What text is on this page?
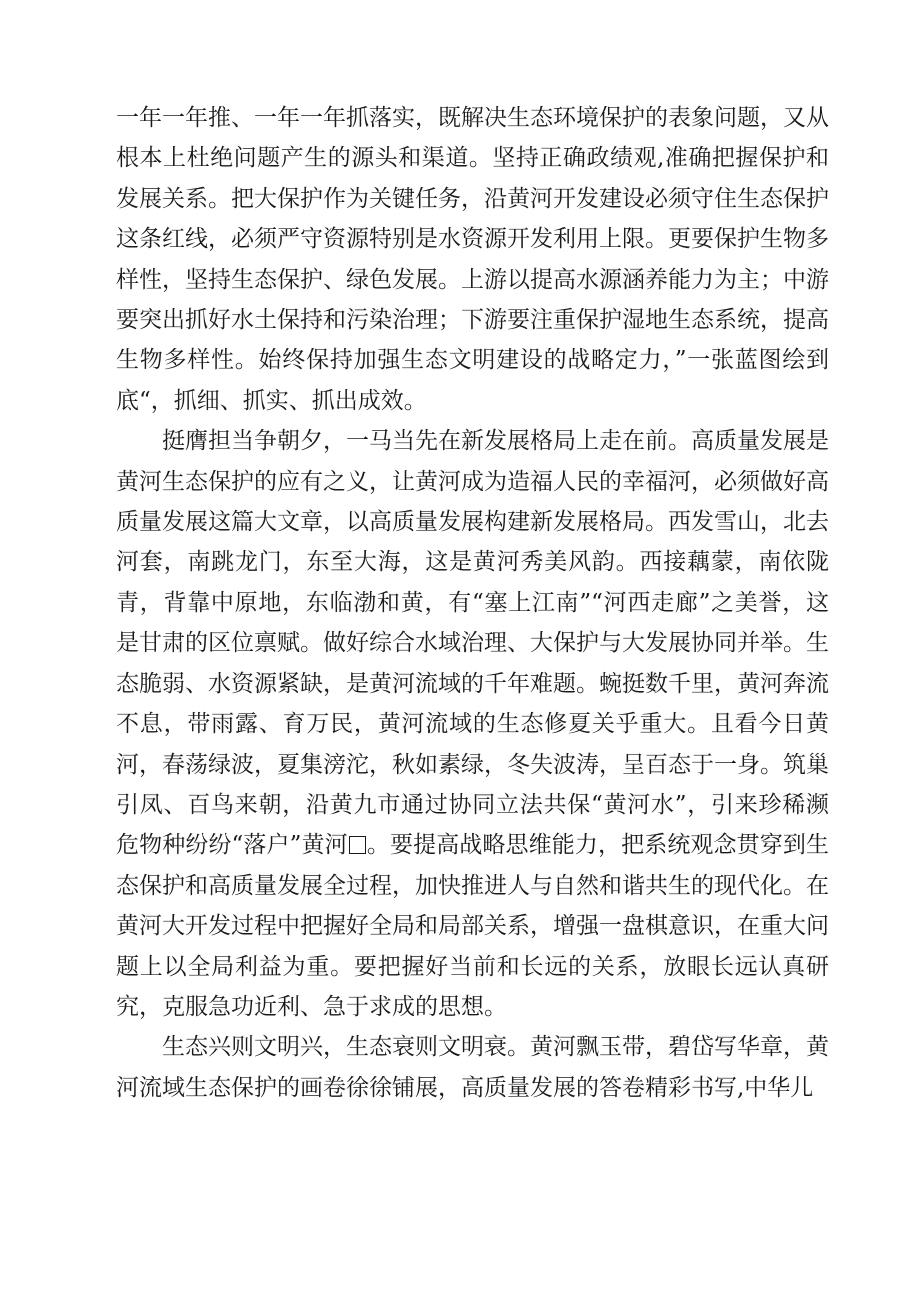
一年一年推、一年一年抓落实，既解决生态环境保护的表象问题，又从根本上杜绝问题产生的源头和渠道。坚持正确政绩观,准确把握保护和发展关系。把大保护作为关键任务，沿黄河开发建设必须守住生态保护这条红线，必须严守资源特别是水资源开发利用上限。更要保护生物多样性，坚持生态保护、绿色发展。上游以提高水源涵养能力为主；中游要突出抓好水土保持和污染治理；下游要注重保护湿地生态系统，提高生物多样性。始终保持加强生态文明建设的战略定力，”一张蓝图绘到底“，抓细、抓实、抓出成效。

挺膺担当争朝夕，一马当先在新发展格局上走在前。高质量发展是黄河生态保护的应有之义，让黄河成为造福人民的幸福河，必须做好高质量发展这篇大文章，以高质量发展构建新发展格局。西发雪山，北去河套，南跳龙门，东至大海，这是黄河秀美风韵。西接藕蒙，南依陇青，背靠中原地，东临渤和黄，有“塞上江南”“河西走廊”之美誉，这是甘肃的区位禀赋。做好综合水域治理、大保护与大发展协同并举。生态脆弱、水资源紧缺，是黄河流域的千年难题。蜿挺数千里，黄河奔流不息，带雨露、育万民，黄河流域的生态修夏关乎重大。且看今日黄河，春荡绿波，夏集滂沱，秋如素绿，冬失波涛，呈百态于一身。筑巢引凤、百鸟来朝，沿黄九市通过协同立法共保“黄河水”，引来珍稀濒危物种纷纷“落户”黄河 。要提高战略思维能力，把系统观念贯穿到生态保护和高质量发展全过程，加快推进人与自然和谐共生的现代化。在黄河大开发过程中把握好全局和局部关系，增强一盘棋意识，在重大问题上以全局利益为重。要把握好当前和长远的关系，放眼长远认真研究，克服急功近利、急于求成的思想。

生态兴则文明兴，生态衰则文明衰。黄河飘玉带，碧岱写华章，黄河流域生态保护的画卷徐徐铺展，高质量发展的答卷精彩书写,中华儿
